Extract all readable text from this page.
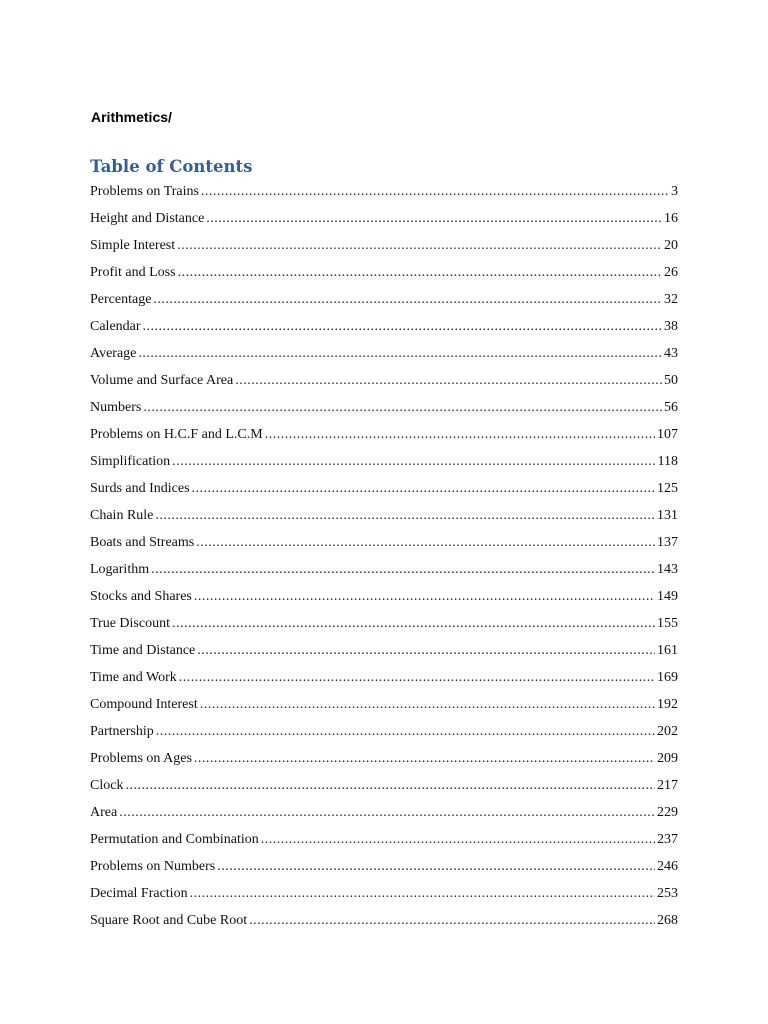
Arithmetics/
Table of Contents
Problems on Trains .....	3
Height and Distance .....	16
Simple Interest .....	20
Profit and Loss .....	26
Percentage .....	32
Calendar .....	38
Average .....	43
Volume and Surface Area .....	50
Numbers .....	56
Problems on H.C.F and L.C.M .....	107
Simplification .....	118
Surds and Indices .....	125
Chain Rule .....	131
Boats and Streams .....	137
Logarithm .....	143
Stocks and Shares .....	149
True Discount .....	155
Time and Distance .....	161
Time and Work .....	169
Compound Interest .....	192
Partnership .....	202
Problems on Ages .....	209
Clock .....	217
Area .....	229
Permutation and Combination .....	237
Problems on Numbers .....	246
Decimal Fraction .....	253
Square Root and Cube Root .....	268
